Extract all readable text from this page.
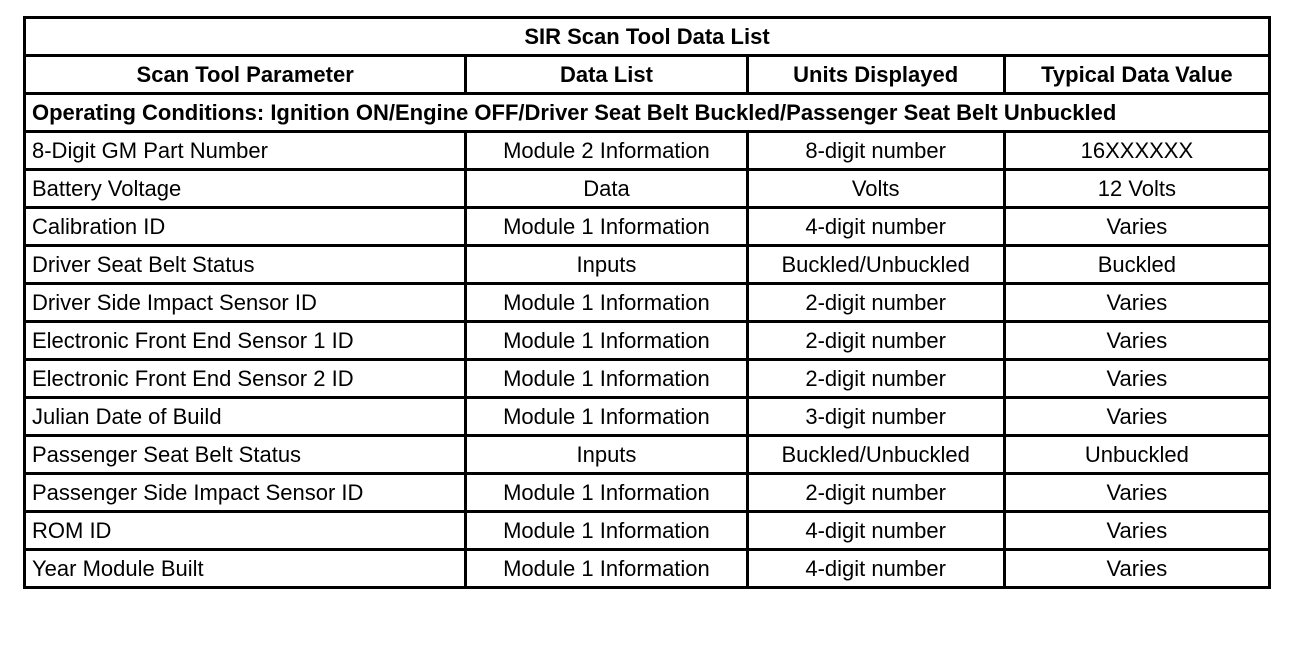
SIR Scan Tool Data List			
Scan Tool Parameter	Data List	Units Displayed	Typical Data Value
Operating Conditions: Ignition ON/Engine OFF/Driver Seat Belt Buckled/Passenger Seat Belt Unbuckled			
8-Digit GM Part Number	Module 2 Information	8-digit number	16XXXXXX
Battery Voltage	Data	Volts	12 Volts
Calibration ID	Module 1 Information	4-digit number	Varies
Driver Seat Belt Status	Inputs	Buckled/Unbuckled	Buckled
Driver Side Impact Sensor ID	Module 1 Information	2-digit number	Varies
Electronic Front End Sensor 1 ID	Module 1 Information	2-digit number	Varies
Electronic Front End Sensor 2 ID	Module 1 Information	2-digit number	Varies
Julian Date of Build	Module 1 Information	3-digit number	Varies
Passenger Seat Belt Status	Inputs	Buckled/Unbuckled	Unbuckled
Passenger Side Impact Sensor ID	Module 1 Information	2-digit number	Varies
ROM ID	Module 1 Information	4-digit number	Varies
Year Module Built	Module 1 Information	4-digit number	Varies
